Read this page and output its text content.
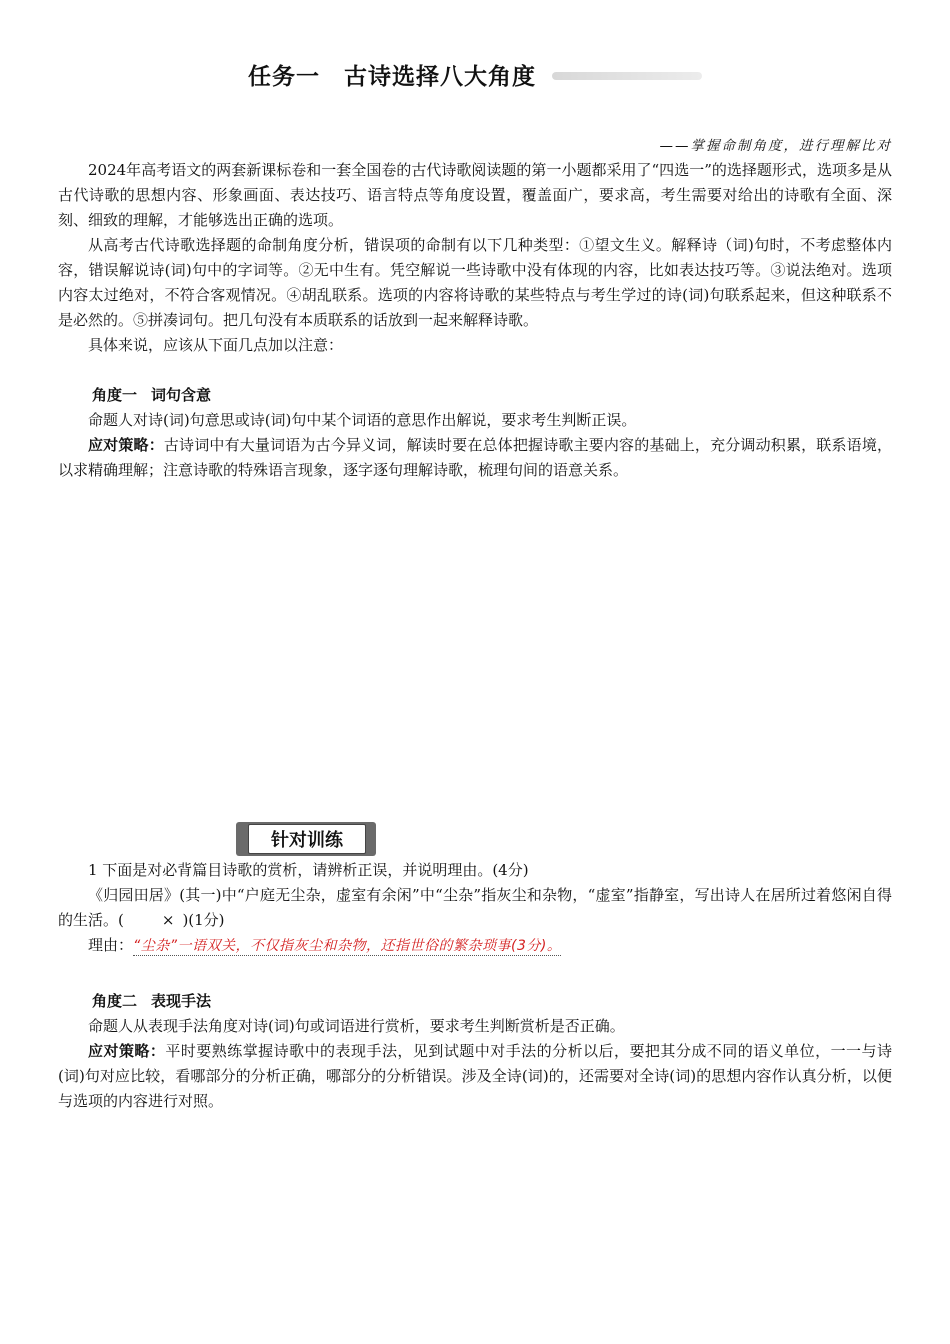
任务一　古诗选择八大角度
——掌握命制角度，进行理解比对

2024年高考语文的两套新课标卷和一套全国卷的古代诗歌阅读题的第一小题都采用了“四选一”的选择题形式，选项多是从古代诗歌的思想内容、形象画面、表达技巧、语言特点等角度设置，覆盖面广，要求高，考生需要对给出的诗歌有全面、深刻、细致的理解，才能够选出正确的选项。

从高考古代诗歌选择题的命制角度分析，错误项的命制有以下几种类型：①望文生义。解释诗（词)句时，不考虑整体内容，错误解说诗(词)句中的字词等。②无中生有。凭空解说一些诗歌中没有体现的内容，比如表达技巧等。③说法绝对。选项内容太过绝对，不符合客观情况。④胡乱联系。选项的内容将诗歌的某些特点与考生学过的诗(词)句联系起来，但这种联系不是必然的。⑤拼凑词句。把几句没有本质联系的话放到一起来解释诗歌。

具体来说，应该从下面几点加以注意：

角度一 词句含意

命题人对诗(词)句意思或诗(词)句中某个词语的意思作出解说，要求考生判断正误。

应对策略：古诗词中有大量词语为古今异义词，解读时要在总体把握诗歌主要内容的基础上，充分调动积累，联系语境，以求精确理解；注意诗歌的特殊语言现象，逐字逐句理解诗歌，梳理句间的语意关系。

针对训练

1 下面是对必背篇目诗歌的赏析，请辨析正误，并说明理由。(4分)

《归园田居》(其一)中“户庭无尘杂，虚室有余闲”中“尘杂”指灰尘和杂物，“虚室”指静室，写出诗人在居所过着悠闲自得的生活。(	× )(1分)

理由：“尘杂”一语双关，不仅指灰尘和杂物，还指世俗的繁杂琐事(3分)。

角度二 表现手法

命题人从表现手法角度对诗(词)句或词语进行赏析，要求考生判断赏析是否正确。

应对策略：平时要熟练掌握诗歌中的表现手法，见到试题中对手法的分析以后，要把其分成不同的语义单位，一一与诗(词)句对应比较，看哪部分的分析正确，哪部分的分析错误。涉及全诗(词)的，还需要对全诗(词)的思想内容作认真分析，以便与选项的内容进行对照。
